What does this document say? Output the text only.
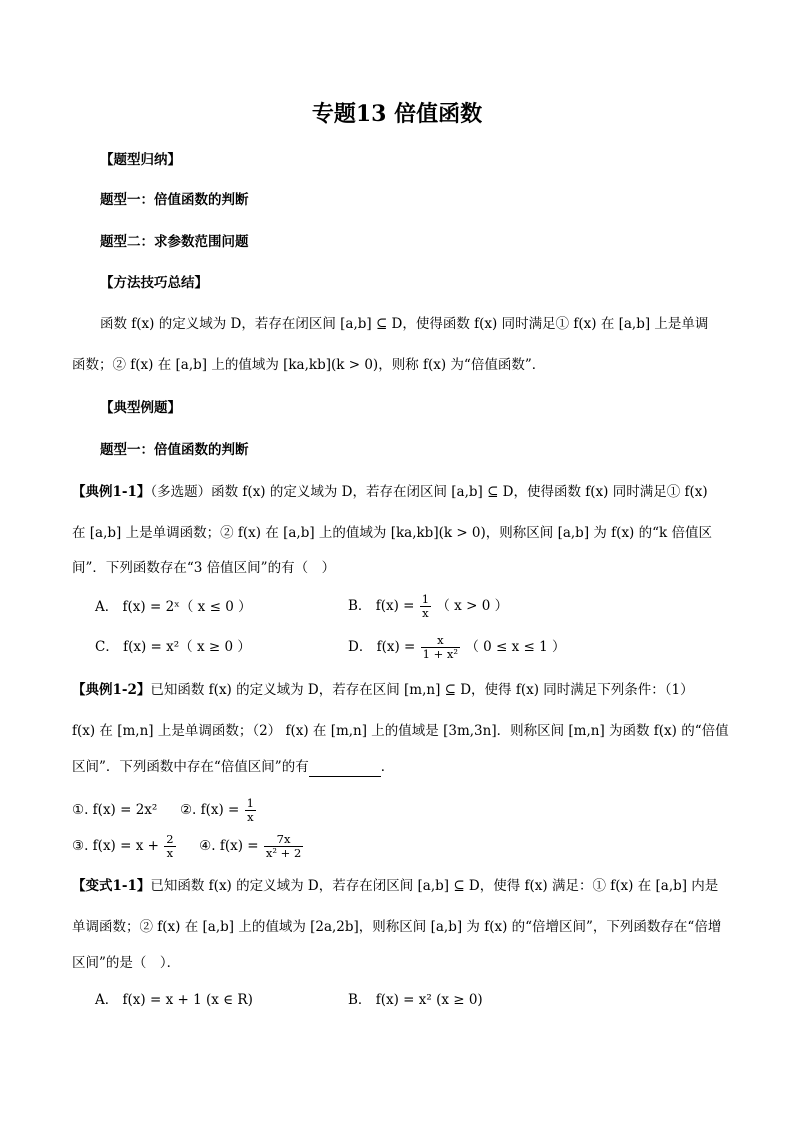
专题13 倍值函数
【题型归纳】
题型一：倍值函数的判断
题型二：求参数范围问题
【方法技巧总结】
函数 f(x) 的定义域为 D，若存在闭区间 [a,b] ⊆ D，使得函数 f(x) 同时满足① f(x) 在 [a,b] 上是单调
函数；② f(x) 在 [a,b] 上的值域为 [ka,kb](k > 0)，则称 f(x) 为“倍值函数”．
【典型例题】
题型一：倍值函数的判断
【典例1-1】（多选题）函数 f(x) 的定义域为 D，若存在闭区间 [a,b] ⊆ D，使得函数 f(x) 同时满足① f(x)
在 [a,b] 上是单调函数；② f(x) 在 [a,b] 上的值域为 [ka,kb](k > 0)，则称区间 [a,b] 为 f(x) 的“k 倍值区
间”．下列函数存在“3 倍值区间”的有（　）
A． f(x) = 2ˣ（ x ≤ 0 ）	B． $f(x) = \frac{1}{x}$ （ x > 0 ）
C． f(x) = x²（ x ≥ 0 ）	D． $f(x) = \frac{x}{\text{1 + x²}}$ （ 0 ≤ x ≤ 1 ）
【典例1-2】已知函数 f(x) 的定义域为 D，若存在区间 [m,n] ⊆ D，使得 f(x) 同时满足下列条件：（1）
f(x) 在 [m,n] 上是单调函数；（2） f(x) 在 [m,n] 上的值域是 [3m,3n]．则称区间 [m,n] 为函数 f(x) 的“倍值
区间”．下列函数中存在“倍值区间”的有	．
①. f(x) = 2x² ②. $f(x) = \frac{1}{x}$
③. $f(x) = x + \frac{2}{x}$ ④. $f(x) = \frac{7x}{\text{x² + 2}}$
【变式1-1】已知函数 f(x) 的定义域为 D，若存在闭区间 [a,b] ⊆ D，使得 f(x) 满足：① f(x) 在 [a,b] 内是
单调函数；② f(x) 在 [a,b] 上的值域为 [2a,2b]，则称区间 [a,b] 为 f(x) 的“倍增区间”，下列函数存在“倍增
区间”的是（　）．
A． f(x) = x + 1 (x ∈ R)	B． f(x) = x² (x ≥ 0)
